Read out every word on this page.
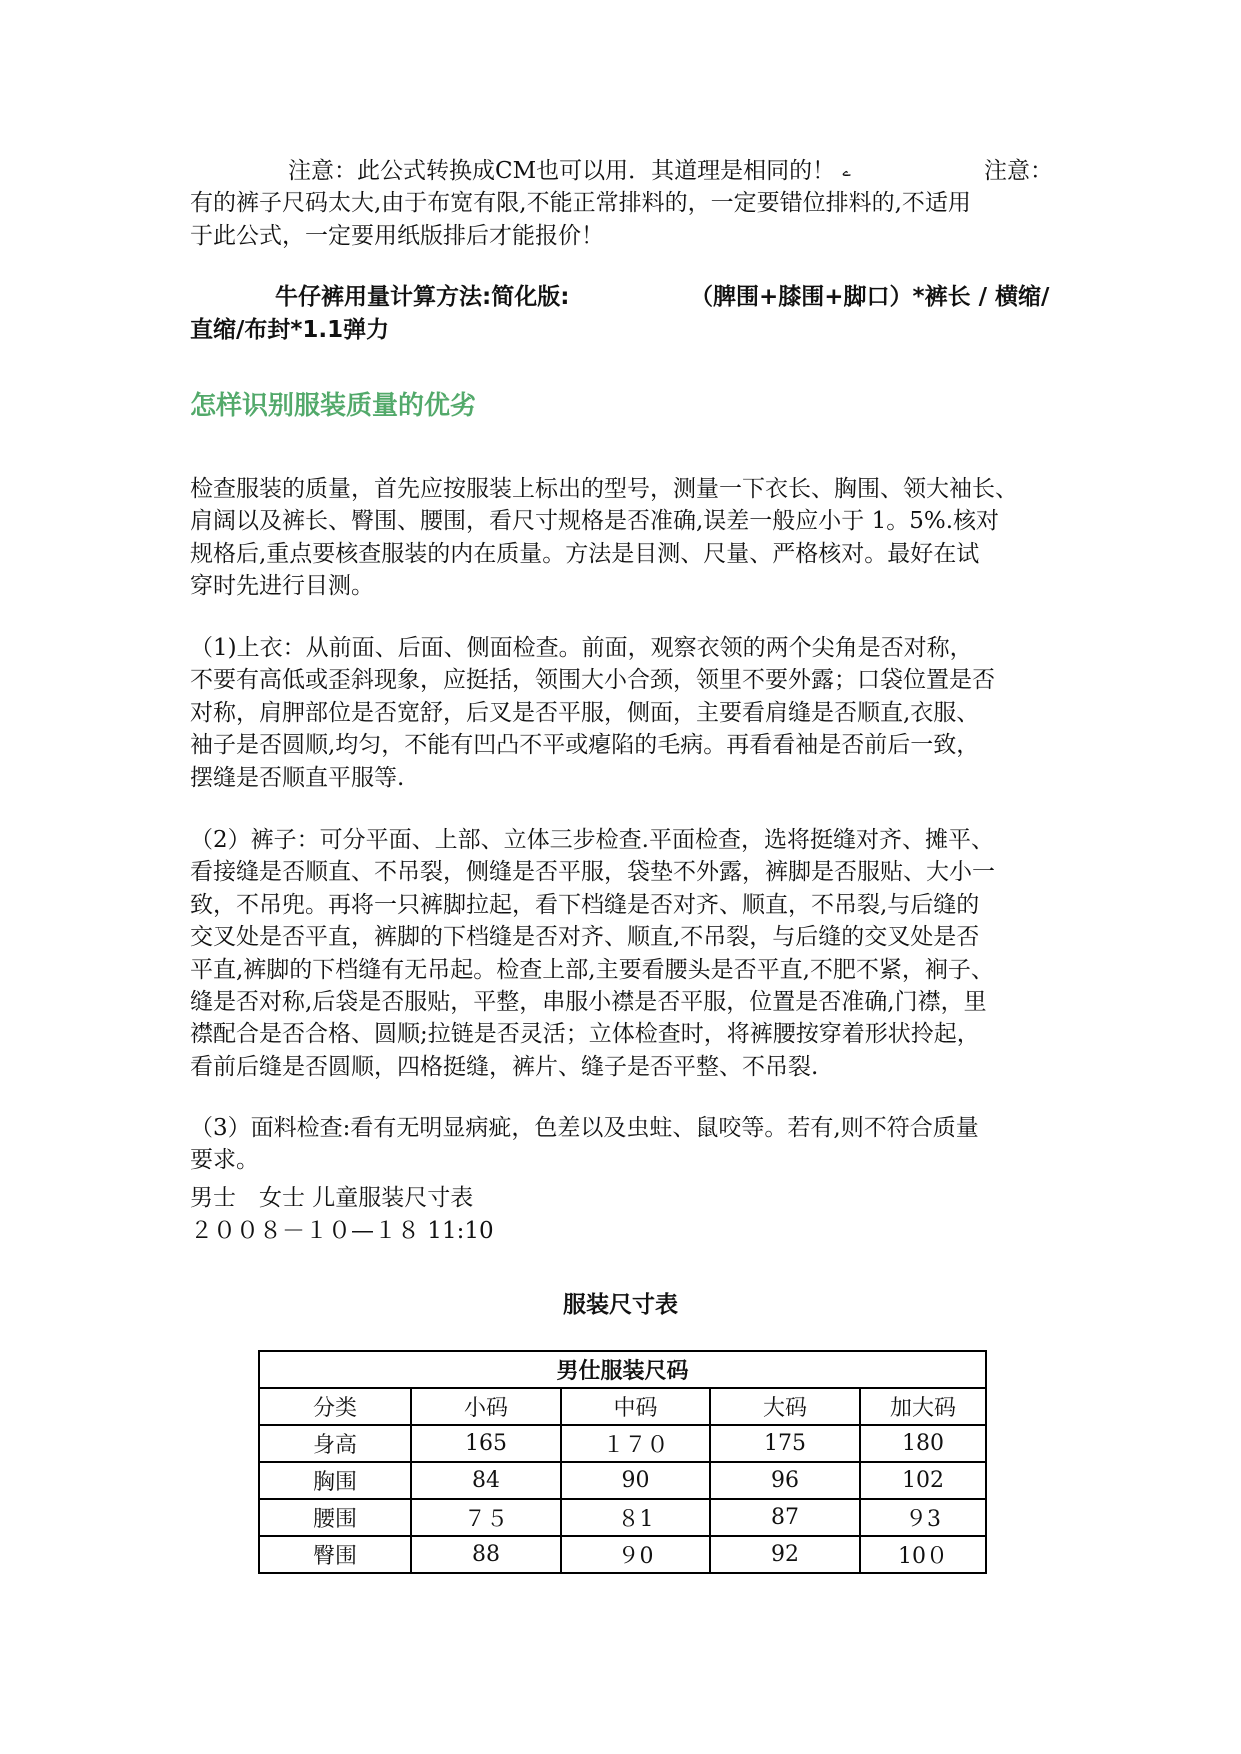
注意：此公式转换成CM也可以用．其道理是相同的！ ے	注意：
有的裤子尺码太大,由于布宽有限,不能正常排料的，一定要错位排料的,不适用
于此公式，一定要用纸版排后才能报价！
牛仔裤用量计算方法:简化版:	（脾围+膝围+脚口）*裤长 / 横缩/
直缩/布封*1.1弹力
怎样识别服装质量的优劣
检查服装的质量，首先应按服装上标出的型号，测量一下衣长、胸围、领大袖长、
肩阔以及裤长、臀围、腰围，看尺寸规格是否准确,误差一般应小于 1。5%.核对
规格后,重点要核查服装的内在质量。方法是目测、尺量、严格核对。最好在试
穿时先进行目测。
（1)上衣：从前面、后面、侧面检查。前面，观察衣领的两个尖角是否对称，
不要有高低或歪斜现象，应挺括，领围大小合颈，领里不要外露；口袋位置是否
对称，肩胛部位是否宽舒，后叉是否平服，侧面，主要看肩缝是否顺直,衣服、
袖子是否圆顺,均匀，不能有凹凸不平或瘪陷的毛病。再看看袖是否前后一致，
摆缝是否顺直平服等.
（2）裤子：可分平面、上部、立体三步检查.平面检查，选将挺缝对齐、摊平、
看接缝是否顺直、不吊裂，侧缝是否平服，袋垫不外露，裤脚是否服贴、大小一
致，不吊兜。再将一只裤脚拉起，看下档缝是否对齐、顺直，不吊裂,与后缝的
交叉处是否平直，裤脚的下档缝是否对齐、顺直,不吊裂，与后缝的交叉处是否
平直,裤脚的下档缝有无吊起。检查上部,主要看腰头是否平直,不肥不紧，裥子、
缝是否对称,后袋是否服贴，平整，串服小襟是否平服，位置是否准确,门襟，里
襟配合是否合格、圆顺;拉链是否灵活；立体检查时，将裤腰按穿着形状拎起，
看前后缝是否圆顺，四格挺缝，裤片、缝子是否平整、不吊裂.
（3）面料检查:看有无明显病疵，色差以及虫蛀、鼠咬等。若有,则不符合质量
要求。
男士　女士 儿童服装尺寸表
２００８－１０—１８ 11:10
服装尺寸表
男仕服装尺码				
分类	小码	中码	大码	加大码
身高	165	１７０	175	180
胸围	84	90	96	102
腰围	７５	８1	87	９3
臀围	88	９0	92	10０
